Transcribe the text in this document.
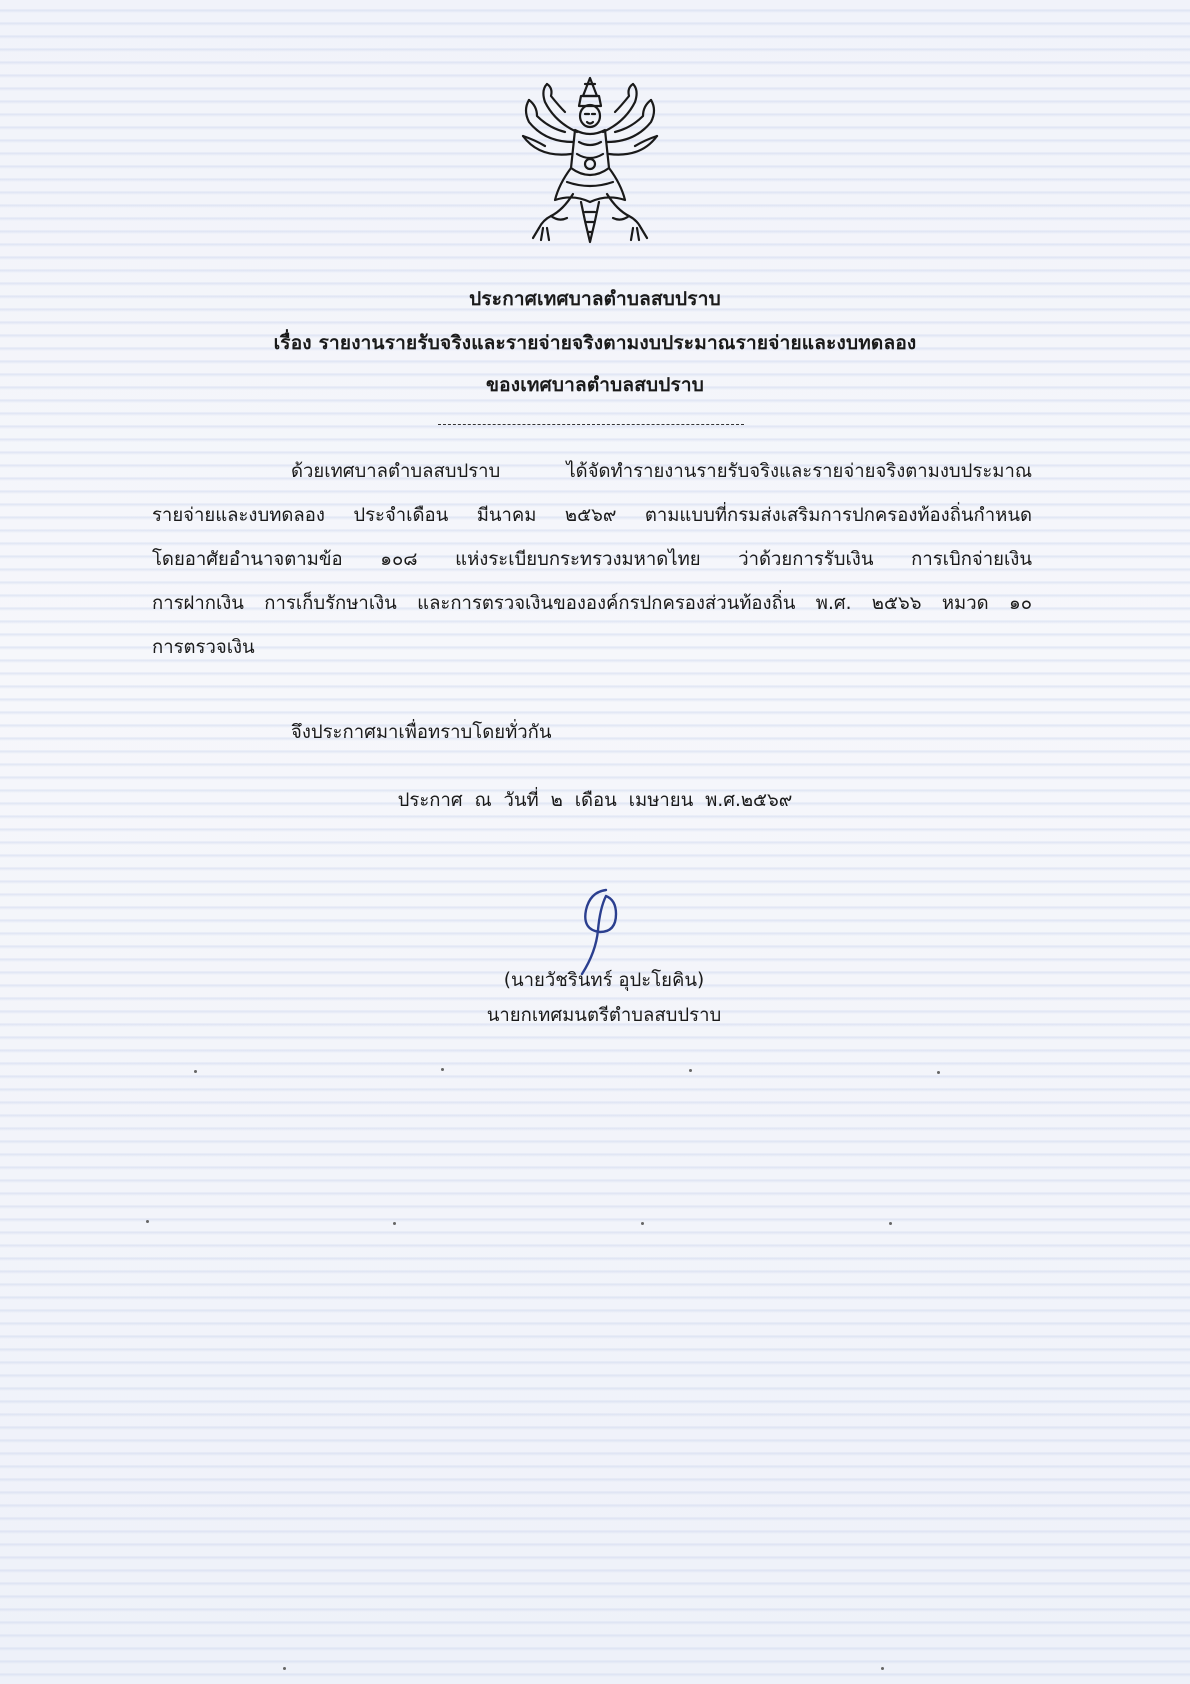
ประกาศเทศบาลตำบลสบปราบ
เรื่อง รายงานรายรับจริงและรายจ่ายจริงตามงบประมาณรายจ่ายและงบทดลอง
ของเทศบาลตำบลสบปราบ
ด้วยเทศบาลตำบลสบปราบ ได้จัดทำรายงานรายรับจริงและรายจ่ายจริงตามงบประมาณ
รายจ่ายและงบทดลอง ประจำเดือน มีนาคม ๒๕๖๙ ตามแบบที่กรมส่งเสริมการปกครองท้องถิ่นกำหนด
โดยอาศัยอำนาจตามข้อ ๑๐๘ แห่งระเบียบกระทรวงมหาดไทย ว่าด้วยการรับเงิน การเบิกจ่ายเงิน
การฝากเงิน การเก็บรักษาเงิน และการตรวจเงินขององค์กรปกครองส่วนท้องถิ่น พ.ศ. ๒๕๖๖ หมวด ๑๐
การตรวจเงิน
จึงประกาศมาเพื่อทราบโดยทั่วกัน
ประกาศ ณ วันที่ ๒ เดือน เมษายน พ.ศ.๒๕๖๙
(นายวัชรินทร์ อุปะโยคิน)
นายกเทศมนตรีตำบลสบปราบ
